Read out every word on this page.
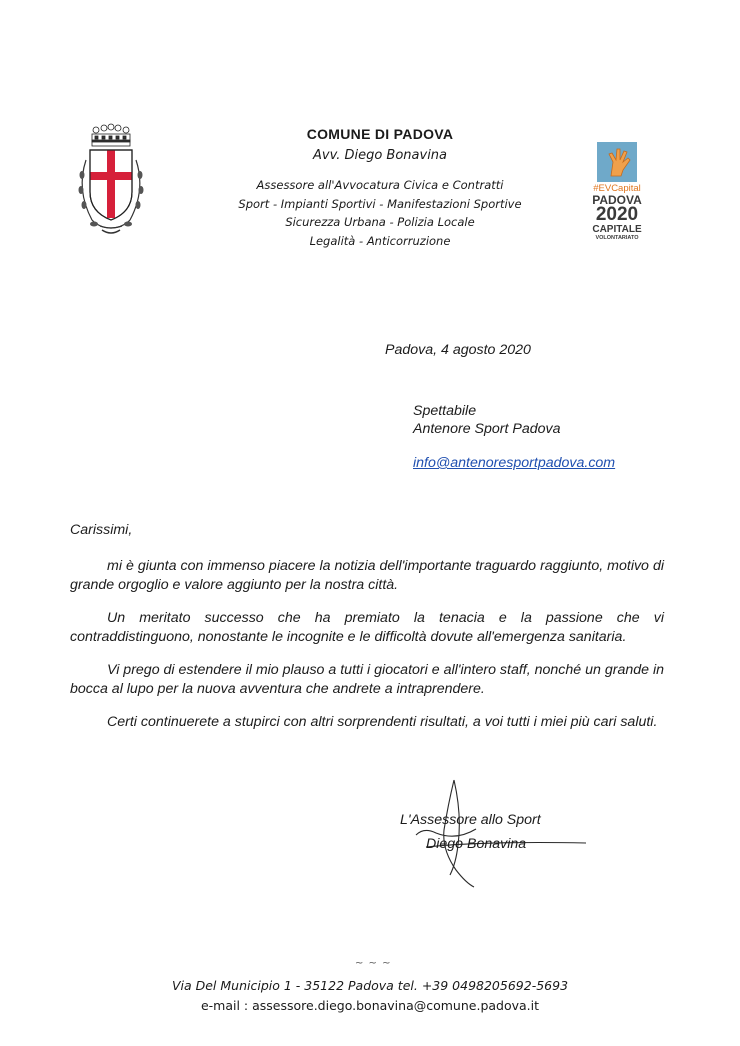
COMUNE DI PADOVA
Avv. Diego Bonavina
Assessore all'Avvocatura Civica e Contratti
Sport - Impianti Sportivi - Manifestazioni Sportive
Sicurezza Urbana - Polizia Locale
Legalità - Anticorruzione
#EVCapital
PADOVA
2020
CAPITALE
VOLONTARIATO
Padova, 4 agosto 2020
Spettabile
Antenore Sport Padova
info@antenoresportpadova.com
Carissimi,
mi è giunta con immenso piacere la notizia dell'importante traguardo raggiunto, motivo di grande orgoglio e valore aggiunto per la nostra città.
Un meritato successo che ha premiato la tenacia e la passione che vi contraddistinguono, nonostante le incognite e le difficoltà dovute all'emergenza sanitaria.
Vi prego di estendere il mio plauso a tutti i giocatori e all'intero staff, nonché un grande in bocca al lupo per la nuova avventura che andrete a intraprendere.
Certi continuerete a stupirci con altri sorprendenti risultati, a voi tutti i miei più cari saluti.
L'Assessore allo Sport
Diego Bonavina
~ ~ ~
Via Del Municipio 1 - 35122 Padova tel. +39 0498205692-5693
e-mail : assessore.diego.bonavina@comune.padova.it
